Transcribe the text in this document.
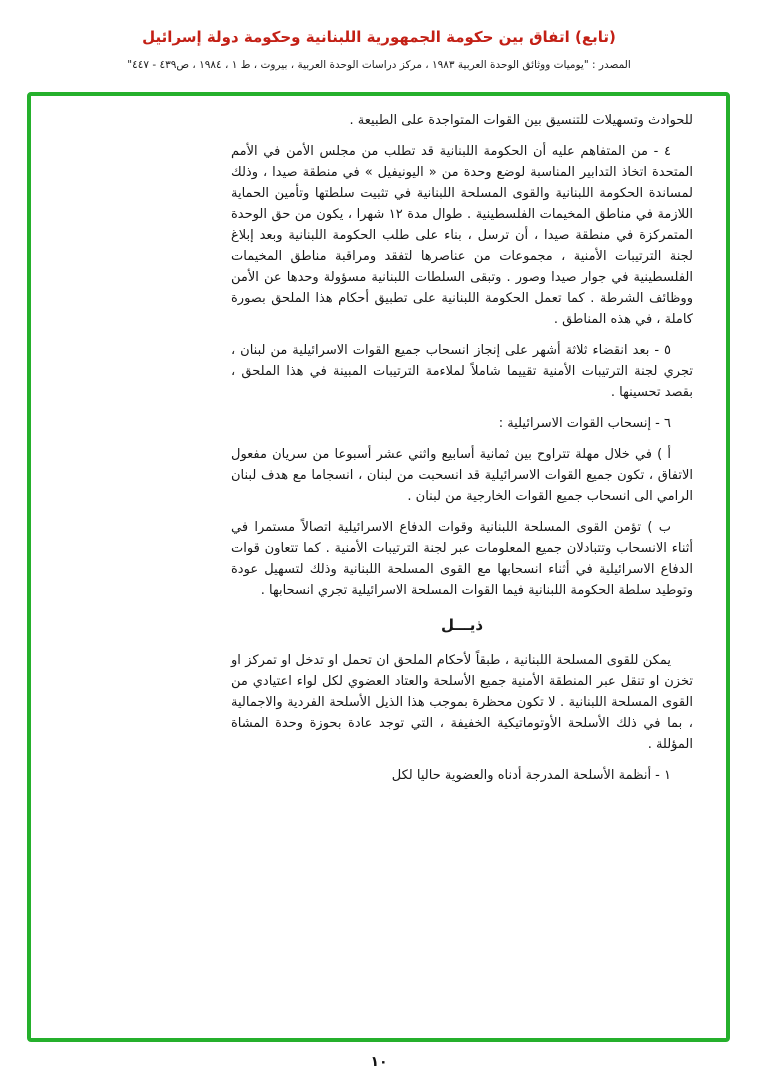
(تابع) اتفاق بين حكومة الجمهورية اللبنانية وحكومة دولة إسرائيل
المصدر : "يوميات ووثائق الوحدة العربية ١٩٨٣ ، مركز دراسات الوحدة العربية ، بيروت ، ط ١ ، ١٩٨٤ ، ص٤٣٩ - ٤٤٧"

للحوادث وتسهيلات للتنسيق بين القوات المتواجدة على الطبيعة .

٤ - من المتفاهم عليه أن الحكومة اللبنانية قد تطلب من مجلس الأمن في الأمم المتحدة اتخاذ التدابير المناسبة لوضع وحدة من « اليونيفيل » في منطقة صيدا ، وذلك لمساندة الحكومة اللبنانية والقوى المسلحة اللبنانية في تثبيت سلطتها وتأمين الحماية اللازمة في مناطق المخيمات الفلسطينية . طوال مدة ١٢ شهرا ، يكون من حق الوحدة المتمركزة في منطقة صيدا ، أن ترسل ، بناء على طلب الحكومة اللبنانية وبعد إبلاغ لجنة الترتيبات الأمنية ، مجموعات من عناصرها لتفقد ومراقبة مناطق المخيمات الفلسطينية في جوار صيدا وصور . وتبقى السلطات اللبنانية مسؤولة وحدها عن الأمن ووظائف الشرطة . كما تعمل الحكومة اللبنانية على تطبيق أحكام هذا الملحق بصورة كاملة ، في هذه المناطق .

٥ - بعد انقضاء ثلاثة أشهر على إنجاز انسحاب جميع القوات الاسرائيلية من لبنان ، تجري لجنة الترتيبات الأمنية تقييما شاملاً لملاءمة الترتيبات المبينة في هذا الملحق ، بقصد تحسينها .

٦ - إنسحاب القوات الاسرائيلية :

أ ) في خلال مهلة تتراوح بين ثمانية أسابيع واثني عشر أسبوعا من سريان مفعول الاتفاق ، تكون جميع القوات الاسرائيلية قد انسحبت من لبنان ، انسجاما مع هدف لبنان الرامي الى انسحاب جميع القوات الخارجية من لبنان .

ب ) تؤمن القوى المسلحة اللبنانية وقوات الدفاع الاسرائيلية اتصالاً مستمرا في أثناء الانسحاب وتتبادلان جميع المعلومات عبر لجنة الترتيبات الأمنية . كما تتعاون قوات الدفاع الاسرائيلية في أثناء انسحابها مع القوى المسلحة اللبنانية وذلك لتسهيل عودة وتوطيد سلطة الحكومة اللبنانية فيما القوات المسلحة الاسرائيلية تجري انسحابها .

ذيـــل

يمكن للقوى المسلحة اللبنانية ، طبقاً لأحكام الملحق ان تحمل او تدخل او تمركز او تخزن او تنقل عبر المنطقة الأمنية جميع الأسلحة والعتاد العضوي لكل لواء اعتيادي من القوى المسلحة اللبنانية . لا تكون محظرة بموجب هذا الذيل الأسلحة الفردية والاجمالية ، بما في ذلك الأسلحة الأوتوماتيكية الخفيفة ، التي توجد عادة بحوزة وحدة المشاة المؤللة .

١ - أنظمة الأسلحة المدرجة أدناه والعضوية حاليا لكل

١٠
